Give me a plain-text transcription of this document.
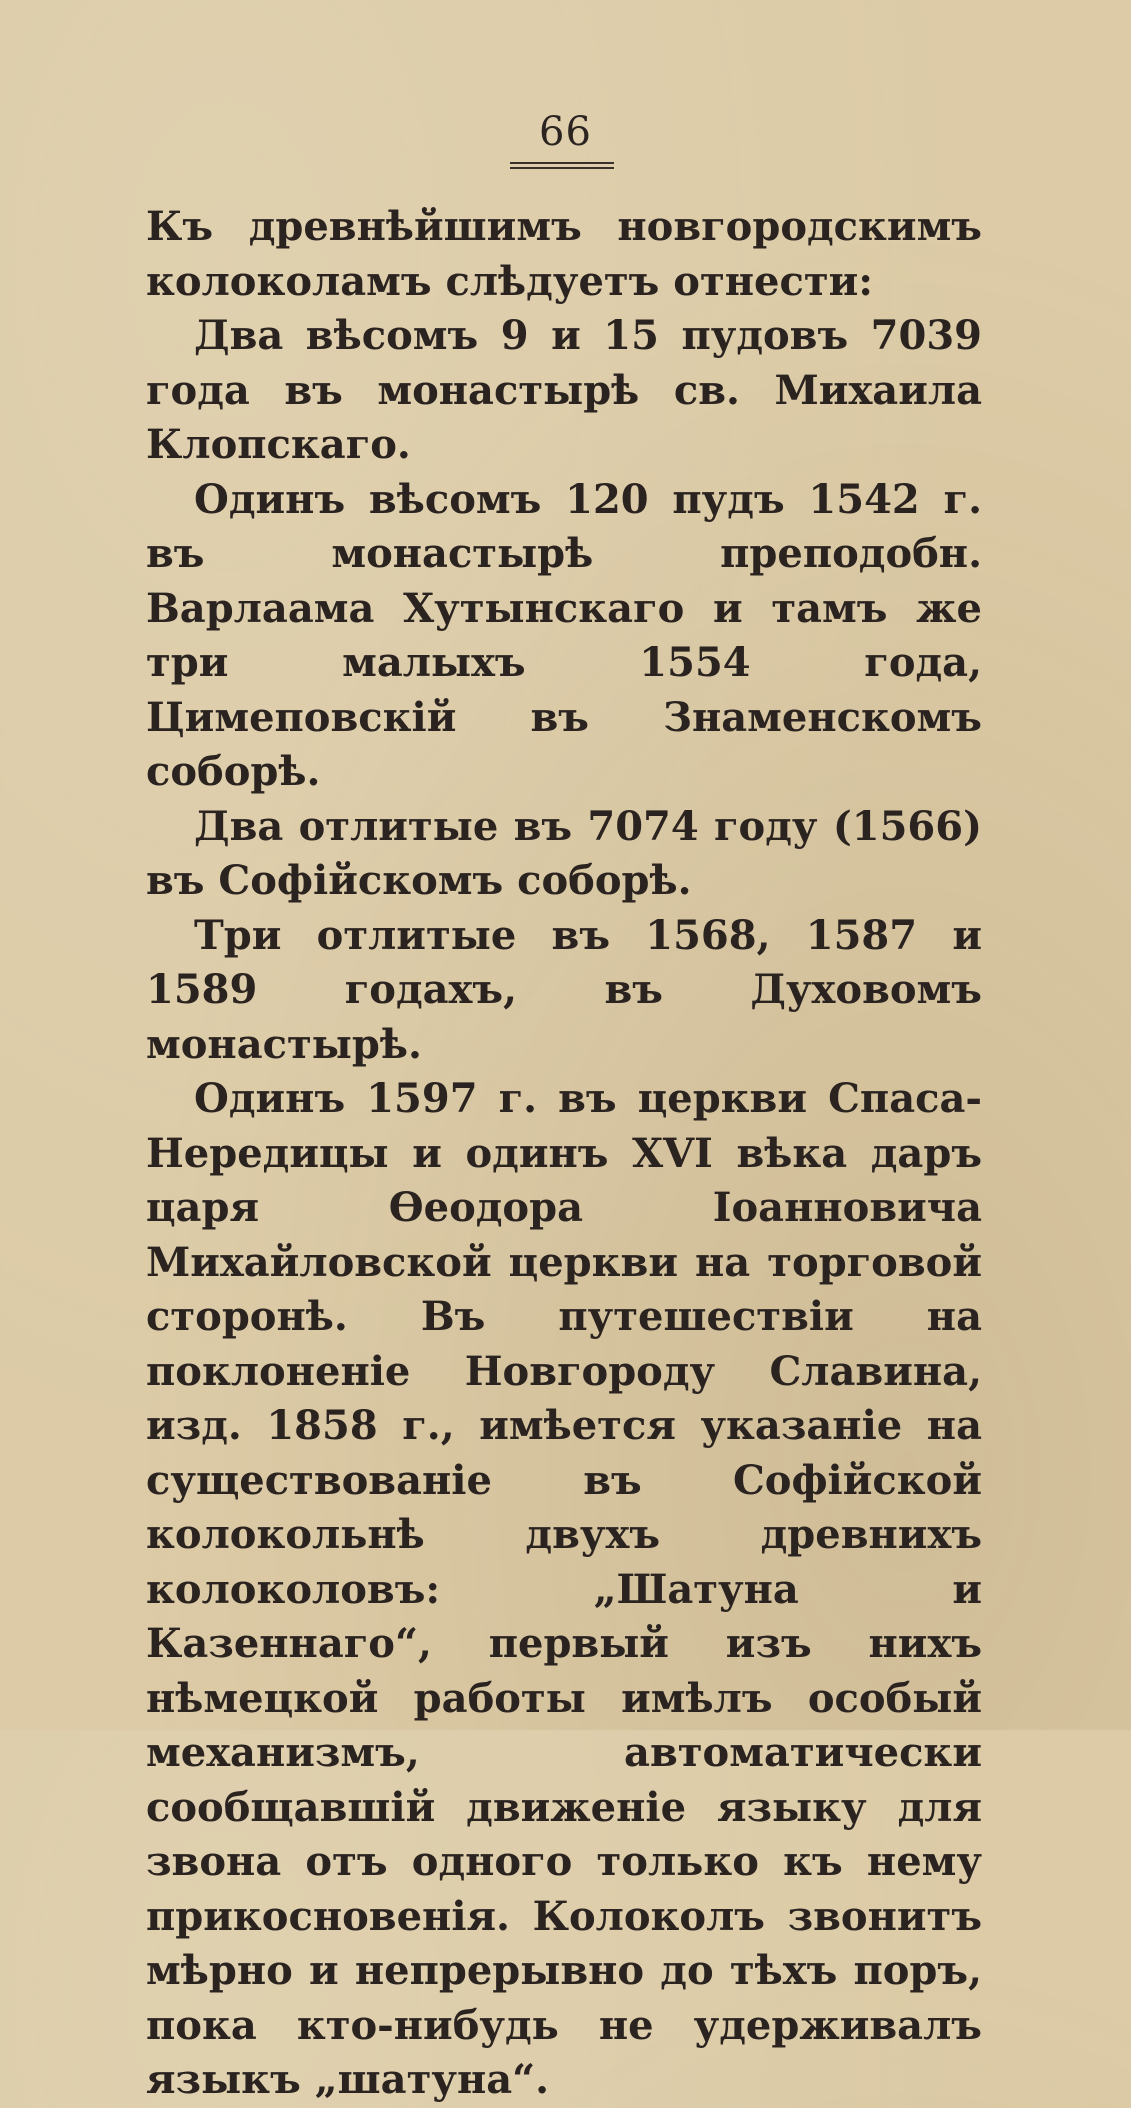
66

Къ древнѣйшимъ новгородскимъ колоколамъ слѣдуетъ отнести:

Два вѣсомъ 9 и 15 пудовъ 7039 года въ монастырѣ св. Михаила Клопскаго.

Одинъ вѣсомъ 120 пудъ 1542 г. въ монастырѣ преподобн. Варлаама Хутынскаго и тамъ же три малыхъ 1554 года, Цимеповскій въ Знаменскомъ соборѣ.

Два отлитые въ 7074 году (1566) въ Софійскомъ соборѣ.

Три отлитые въ 1568, 1587 и 1589 годахъ, въ Духовомъ монастырѣ.

Одинъ 1597 г. въ церкви Спаса-Нередицы и одинъ XVI вѣка даръ царя Ѳеодора Іоанновича Михайловской церкви на торговой сторонѣ. Въ путешествіи на поклоненіе Новгороду Славина, изд. 1858 г., имѣется указаніе на существованіе въ Софійской колокольнѣ двухъ древнихъ колоколовъ: „Шатуна и Казеннаго“, первый изъ нихъ нѣмецкой работы имѣлъ особый механизмъ, автоматически сообщавшій движеніе языку для звона отъ одного только къ нему прикосновенія. Колоколъ звонитъ мѣрно и непрерывно до тѣхъ поръ, пока кто-нибудь не удерживалъ языкъ „шатуна“.
